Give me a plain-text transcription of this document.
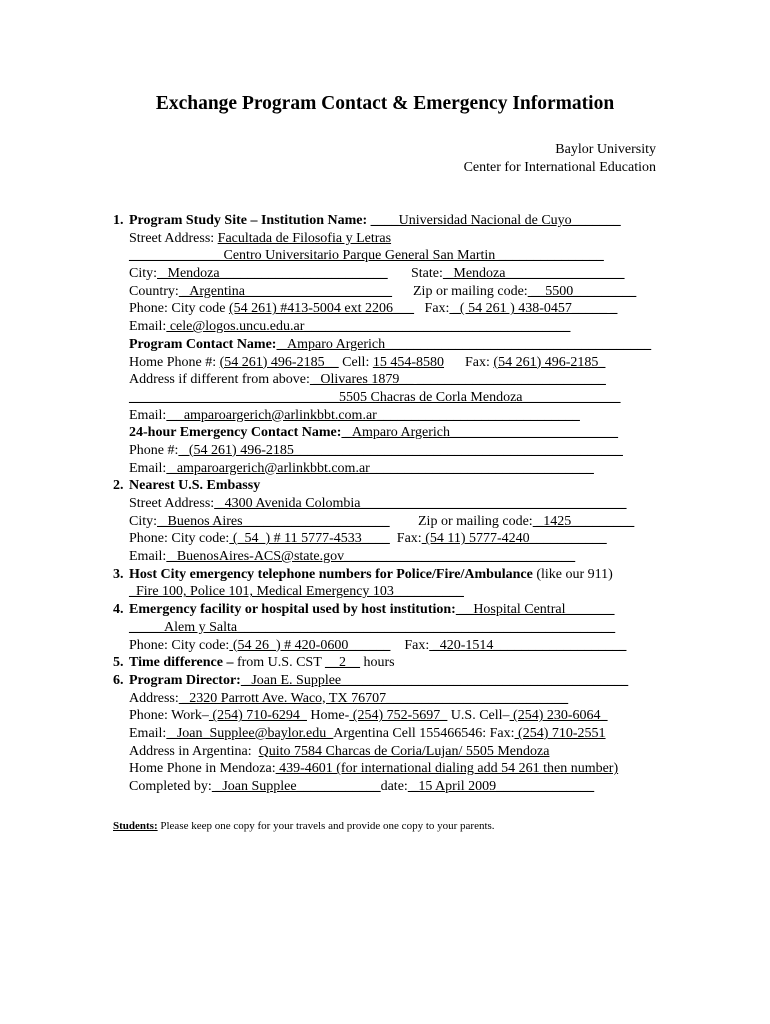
Exchange Program Contact & Emergency Information
Baylor University
Center for International Education
1. Program Study Site – Institution Name: ____Universidad Nacional de Cuyo_______
Street Address: Facultada de Filosofia y Letras
_____________ Centro Universitario Parque General San Martin _______________
City: _Mendoza________________________ State: _Mendoza_________________
Country: _Argentina_____________________ Zip or mailing code: __5500_________
Phone: City code (54 261) #413-5004 ext 2206___ Fax: _( 54 261 ) 438-0457_____ _
Email: cele@logos.uncu.edu.ar______________________________________
Program Contact Name: _Amparo Argerich______________________________________
Home Phone #: (54 261) 496-2185__ Cell: 15 454-8580 Fax: (54 261) 496-2185_
Address if different from above: _Olivares 1879__ ___________________________
______________________________5505 Chacras de Corla Mendoza______________
Email: __amparoargerich@arlinkbbt.com.ar_____________________________
24-hour Emergency Contact Name: _Amparo Argerich________________________
Phone #: _(54 261) 496-2185_______________________________________________
Email: _amparoargerich@arlinkbbt.com.ar________________________________
2. Nearest U.S. Embassy
Street Address: _4300 Avenida Colombia______________________________________
City: _Buenos Aires_____________________ Zip or mailing code: _1425_________
Phone: City code: (_54_) # 11 5777-4533____ Fax: (54 11) 5777-4240___________
Email: _BuenosAires-ACS@state.gov_________________________________
3. Host City emergency telephone numbers for Police/Fire/Ambulance (like our 911)
_Fire 100, Police 101, Medical Emergency 103__________
4. Emergency facility or hospital used by host institution: __Hospital Central_______
_____Alem y Salta______________________________________________________
Phone: City code: (54 26_) # 420-0600______ Fax: _420-1514___________________
5. Time difference – from U.S. CST __2__ hours
6. Program Director: _Joan E. Supplee_________________________________________
Address: _2320 Parrott Ave. Waco, TX 76707__________________________
Phone: Work– (254) 710-6294_ Home- (254) 752-5697_ U.S. Cell– (254) 230-6064_
Email: _Joan_Supplee@baylor.edu_Argentina Cell 155466546: Fax: (254) 710-2551
Address in Argentina: Quito 7584 Charcas de Coria/Lujan/ 5505 Mendoza
Home Phone in Mendoza: 439-4601 (for international dialing add 54 261 then number)
Completed by: _Joan Supplee____________date: _15 April 2009______________
Students: Please keep one copy for your travels and provide one copy to your parents.
